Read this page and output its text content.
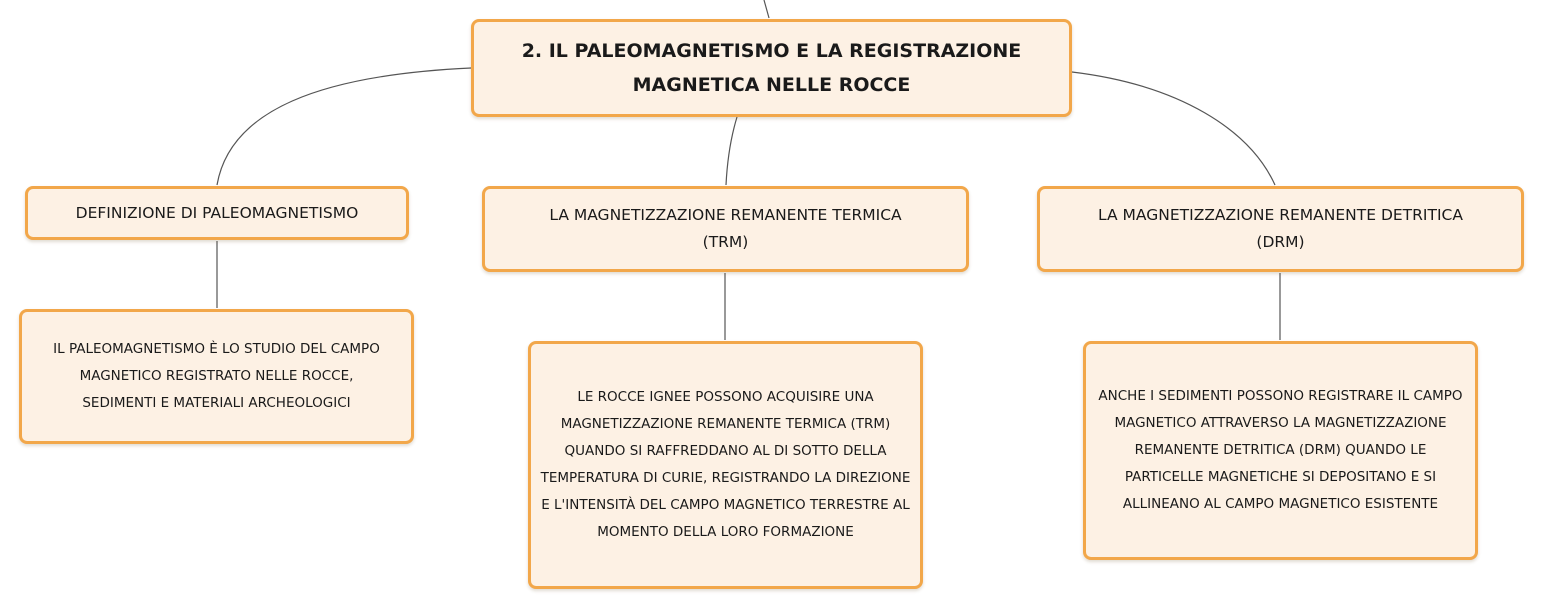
2. IL PALEOMAGNETISMO E LA REGISTRAZIONE MAGNETICA NELLE ROCCE
DEFINIZIONE DI PALEOMAGNETISMO	LA MAGNETIZZAZIONE REMANENTE TERMICA (TRM)
LA MAGNETIZZAZIONE REMANENTE DETRITICA (DRM)
IL PALEOMAGNETISMO È LO STUDIO DEL CAMPO MAGNETICO REGISTRATO NELLE ROCCE, SEDIMENTI E MATERIALI ARCHEOLOGICI	LE ROCCE IGNEE POSSONO ACQUISIRE UNA MAGNETIZZAZIONE REMANENTE TERMICA (TRM) QUANDO SI RAFFREDDANO AL DI SOTTO DELLA TEMPERATURA DI CURIE, REGISTRANDO LA DIREZIONE E L'INTENSITÀ DEL CAMPO MAGNETICO TERRESTRE AL MOMENTO DELLA LORO FORMAZIONE
ANCHE I SEDIMENTI POSSONO REGISTRARE IL CAMPO MAGNETICO ATTRAVERSO LA MAGNETIZZAZIONE REMANENTE DETRITICA (DRM) QUANDO LE PARTICELLE MAGNETICHE SI DEPOSITANO E SI ALLINEANO AL CAMPO MAGNETICO ESISTENTE
